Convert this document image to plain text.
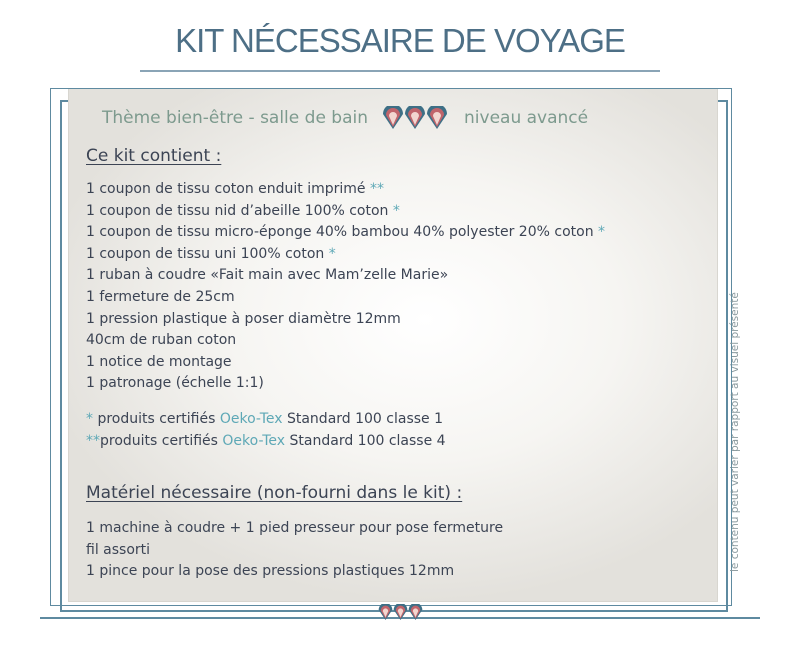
KIT NÉCESSAIRE DE VOYAGE
Thème bien-être - salle de bain	niveau avancé
Ce kit contient :
1 coupon de tissu coton enduit imprimé **
1 coupon de tissu nid d’abeille 100% coton *
1 coupon de tissu micro-éponge 40% bambou 40% polyester 20% coton *
1 coupon de tissu uni 100% coton *
1 ruban à coudre «Fait main avec Mam’zelle Marie»
1 fermeture de 25cm
1 pression plastique à poser diamètre 12mm
40cm de ruban coton
1 notice de montage
1 patronage (échelle 1:1)
* produits certifiés Oeko-Tex Standard 100 classe 1
**produits certifiés Oeko-Tex Standard 100 classe 4
Matériel nécessaire (non-fourni dans le kit) :
1 machine à coudre + 1 pied presseur pour pose fermeture
fil assorti
1 pince pour la pose des pressions plastiques 12mm	le contenu peut varier par rapport au visuel présenté
